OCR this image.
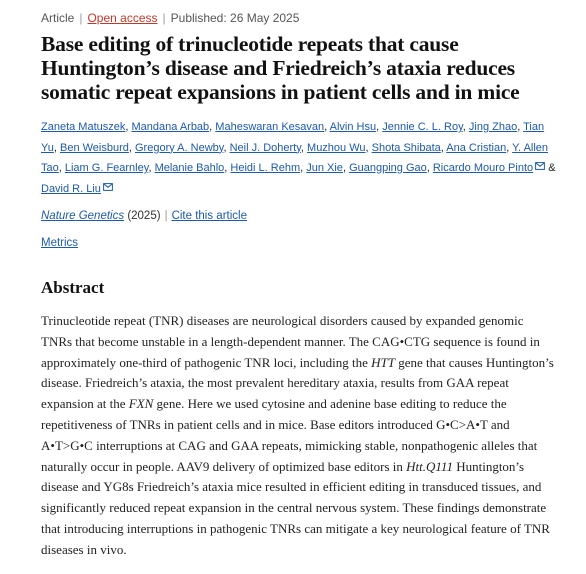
Article | Open access | Published: 26 May 2025
Base editing of trinucleotide repeats that cause Huntington’s disease and Friedreich’s ataxia reduces somatic repeat expansions in patient cells and in mice
Zaneta Matuszek, Mandana Arbab, Maheswaran Kesavan, Alvin Hsu, Jennie C. L. Roy, Jing Zhao, Tian Yu, Ben Weisburd, Gregory A. Newby, Neil J. Doherty, Muzhou Wu, Shota Shibata, Ana Cristian, Y. Allen Tao, Liam G. Fearnley, Melanie Bahlo, Heidi L. Rehm, Jun Xie, Guangping Gao, Ricardo Mouro Pinto & David R. Liu
Nature Genetics (2025) | Cite this article
Metrics
Abstract

Trinucleotide repeat (TNR) diseases are neurological disorders caused by expanded genomic TNRs that become unstable in a length-dependent manner. The CAG•CTG sequence is found in approximately one-third of pathogenic TNR loci, including the HTT gene that causes Huntington’s disease. Friedreich’s ataxia, the most prevalent hereditary ataxia, results from GAA repeat expansion at the FXN gene. Here we used cytosine and adenine base editing to reduce the repetitiveness of TNRs in patient cells and in mice. Base editors introduced G•C>A•T and A•T>G•C interruptions at CAG and GAA repeats, mimicking stable, nonpathogenic alleles that naturally occur in people. AAV9 delivery of optimized base editors in Htt.Q111 Huntington’s disease and YG8s Friedreich’s ataxia mice resulted in efficient editing in transduced tissues, and significantly reduced repeat expansion in the central nervous system. These findings demonstrate that introducing interruptions in pathogenic TNRs can mitigate a key neurological feature of TNR diseases in vivo.
